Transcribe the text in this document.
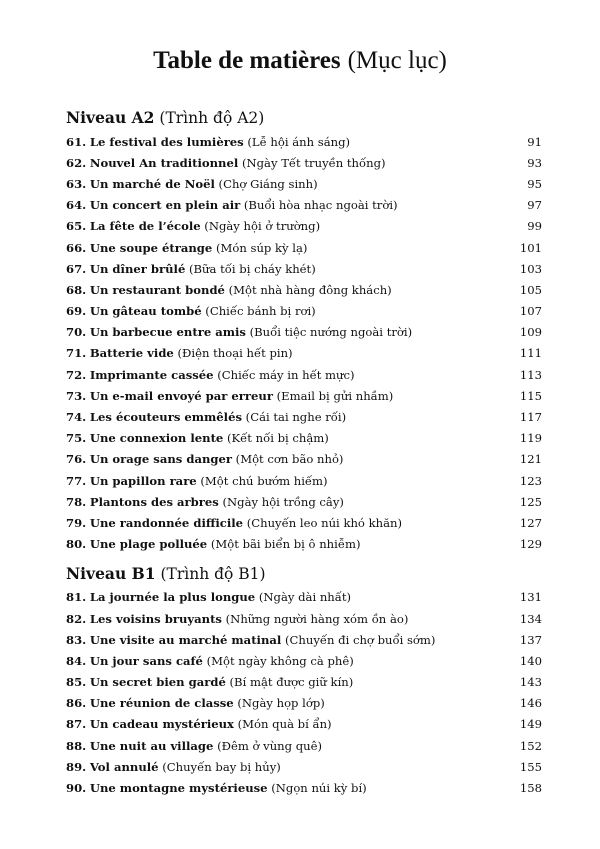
Table de matières (Mục lục)
Niveau A2 (Trình độ A2)
61. Le festival des lumières (Lễ hội ánh sáng)	91
62. Nouvel An traditionnel (Ngày Tết truyền thống)	93
63. Un marché de Noël (Chợ Giáng sinh)	95
64. Un concert en plein air (Buổi hòa nhạc ngoài trời)	97
65. La fête de l’école (Ngày hội ở trường)	99
66. Une soupe étrange (Món súp kỳ lạ)	101
67. Un dîner brûlé (Bữa tối bị cháy khét)	103
68. Un restaurant bondé (Một nhà hàng đông khách)	105
69. Un gâteau tombé (Chiếc bánh bị rơi)	107
70. Un barbecue entre amis (Buổi tiệc nướng ngoài trời)	109
71. Batterie vide (Điện thoại hết pin)	111
72. Imprimante cassée (Chiếc máy in hết mực)	113
73. Un e-mail envoyé par erreur (Email bị gửi nhầm)	115
74. Les écouteurs emmêlés (Cái tai nghe rối)	117
75. Une connexion lente (Kết nối bị chậm)	119
76. Un orage sans danger (Một cơn bão nhỏ)	121
77. Un papillon rare (Một chú bướm hiếm)	123
78. Plantons des arbres (Ngày hội trồng cây)	125
79. Une randonnée difficile (Chuyến leo núi khó khăn)	127
80. Une plage polluée (Một bãi biển bị ô nhiễm)	129
Niveau B1 (Trình độ B1)
81. La journée la plus longue (Ngày dài nhất)	131
82. Les voisins bruyants (Những người hàng xóm ồn ào)	134
83. Une visite au marché matinal (Chuyến đi chợ buổi sớm)	137
84. Un jour sans café (Một ngày không cà phê)	140
85. Un secret bien gardé (Bí mật được giữ kín)	143
86. Une réunion de classe (Ngày họp lớp)	146
87. Un cadeau mystérieux (Món quà bí ẩn)	149
88. Une nuit au village (Đêm ở vùng quê)	152
89. Vol annulé (Chuyến bay bị hủy)	155
90. Une montagne mystérieuse (Ngọn núi kỳ bí)	158
